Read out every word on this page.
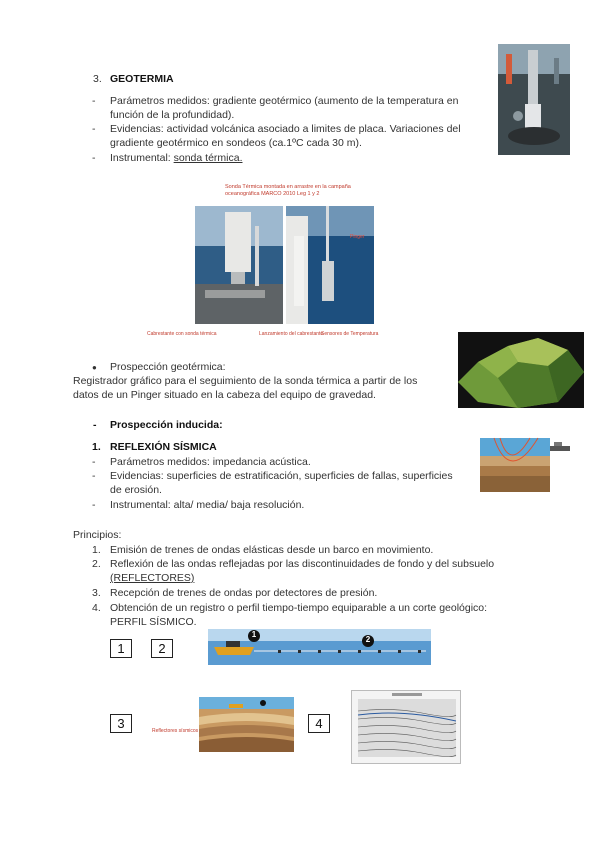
3. GEOTERMIA
- Parámetros medidos: gradiente geotérmico (aumento de la temperatura en
función de la profundidad).
- Evidencias: actividad volcánica asociado a limites de placa. Variaciones del
gradiente geotérmico en sondeos (ca.1ºC cada 30 m).
- Instrumental: sonda térmica.
Sonda Térmica montada en arrastre en la campaña
oceanográfica MARCO 2010 Leg 1 y 2
Pinger
Cabrestante con sonda térmica	Lanzamiento del cabrestante
Sensores de Temperatura
● Prospección geotérmica:
Registrador gráfico para el seguimiento de la sonda térmica a partir de los
datos de un Pinger situado en la cabeza del equipo de gravedad.
- Prospección inducida:
1. REFLEXIÓN SÍSMICA
- Parámetros medidos: impedancia acústica.
- Evidencias: superficies de estratificación, superficies de fallas, superficies
de erosión.
- Instrumental: alta/ media/ baja resolución.
Principios:
1. Emisión de trenes de ondas elásticas desde un barco en movimiento.
2. Reflexión de las ondas reflejadas por las discontinuidades de fondo y del subsuelo
(REFLECTORES)
3. Recepción de trenes de ondas por detectores de presión.
4. Obtención de un registro o perfil tiempo-tiempo equiparable a un corte geológico:
PERFIL SÍSMICO.
1	2
1
2
3	Reflectores sísmicos	4
